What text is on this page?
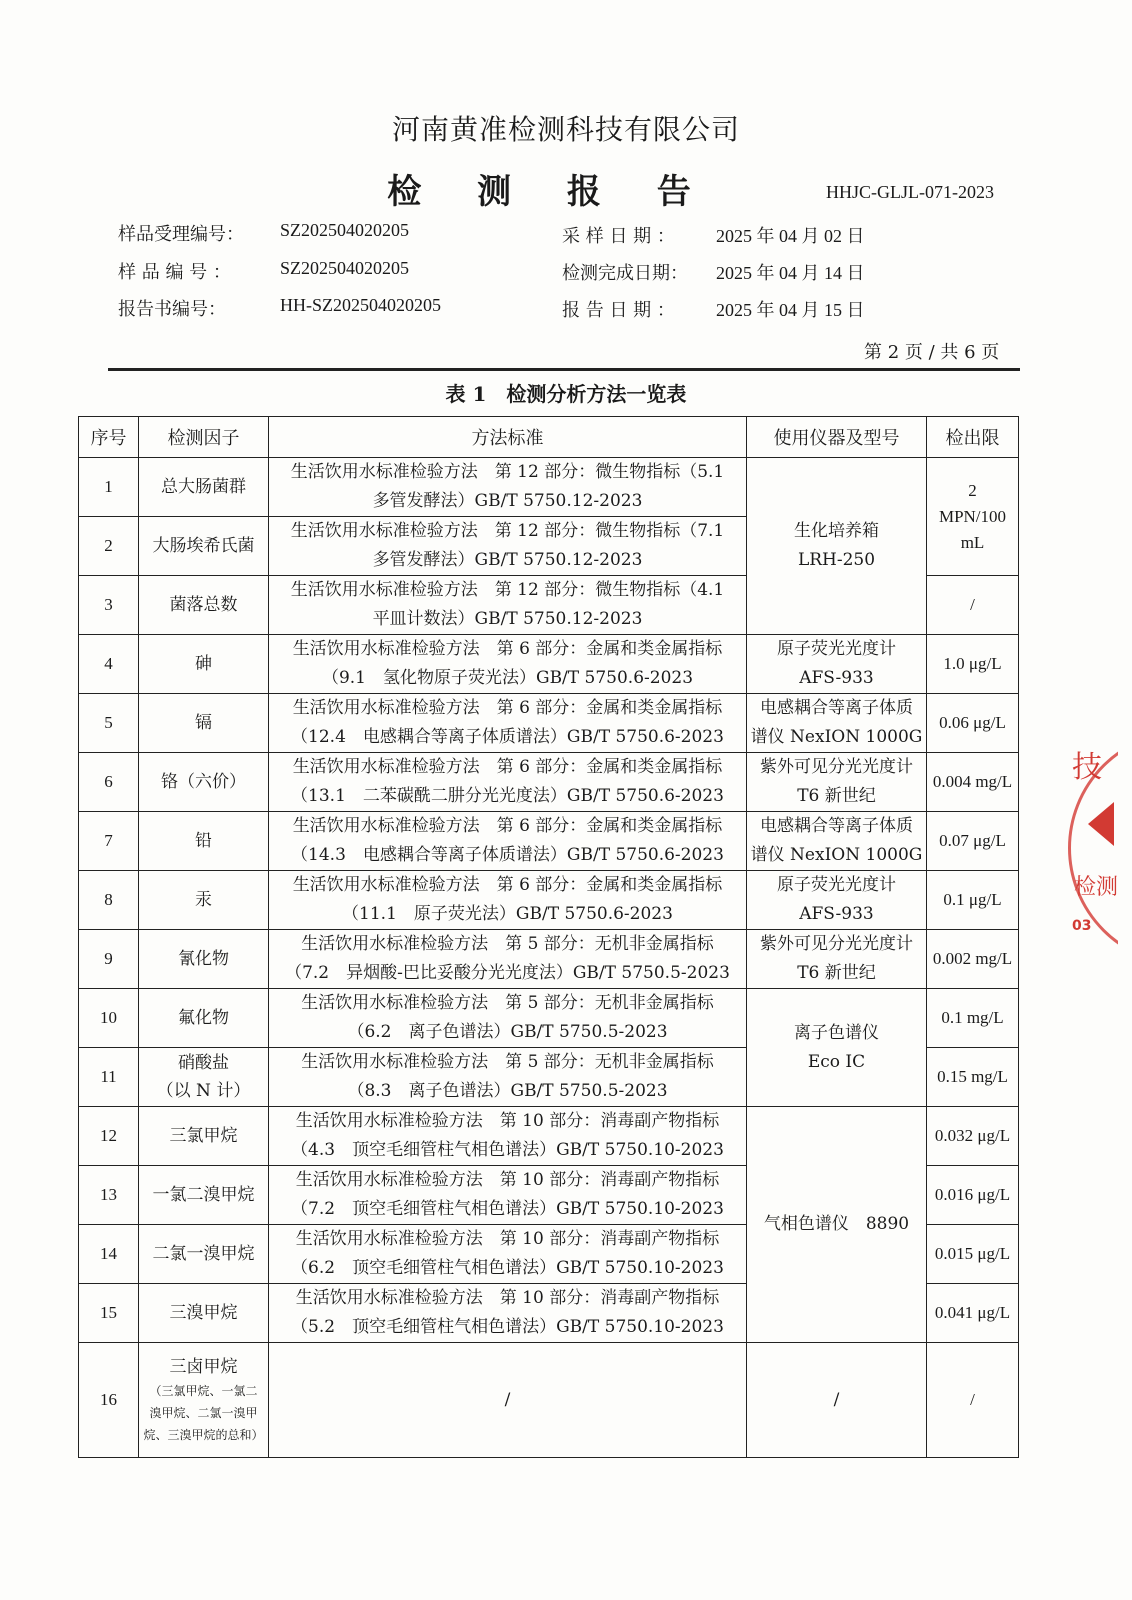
河南黄准检测科技有限公司
检 测 报 告	HHJC-GLJL-071-2023
样品受理编号： SZ202504020205
样 品 编 号 ：	SZ202504020205
报告书编号：	HH-SZ202504020205
采 样 日 期 ： 2025 年 04 月 02 日
检测完成日期： 2025 年 04 月 14 日
报 告 日 期 ： 2025 年 04 月 15 日
第 2 页 / 共 6 页
表 1　检测分析方法一览表
序号	检测因子	方法标准	使用仪器及型号	检出限
1	总大肠菌群	生活饮用水标准检验方法　第 12 部分：微生物指标（5.1
多管发酵法）GB/T 5750.12-2023	生化培养箱
LRH-250	2
MPN/100
mL

2	大肠埃希氏菌	生活饮用水标准检验方法　第 12 部分：微生物指标（7.1
多管发酵法）GB/T 5750.12-2023		

3	菌落总数	生活饮用水标准检验方法　第 12 部分：微生物指标（4.1
平皿计数法）GB/T 5750.12-2023		/
4	砷	生活饮用水标准检验方法　第 6 部分：金属和类金属指标
（9.1　氢化物原子荧光法）GB/T 5750.6-2023	原子荧光光度计
AFS-933	1.0 μg/L
5	镉	生活饮用水标准检验方法　第 6 部分：金属和类金属指标
（12.4　电感耦合等离子体质谱法）GB/T 5750.6-2023	电感耦合等离子体质
谱仪 NexION 1000G	0.06 μg/L
6	铬（六价）	生活饮用水标准检验方法　第 6 部分：金属和类金属指标
（13.1　二苯碳酰二肼分光光度法）GB/T 5750.6-2023	紫外可见分光光度计
T6 新世纪	0.004 mg/L
7	铅	生活饮用水标准检验方法　第 6 部分：金属和类金属指标
（14.3　电感耦合等离子体质谱法）GB/T 5750.6-2023	电感耦合等离子体质
谱仪 NexION 1000G	0.07 μg/L
8	汞	生活饮用水标准检验方法　第 6 部分：金属和类金属指标
（11.1　原子荧光法）GB/T 5750.6-2023	原子荧光光度计
AFS-933	0.1 μg/L
9	氰化物	生活饮用水标准检验方法　第 5 部分：无机非金属指标
（7.2　异烟酸-巴比妥酸分光光度法）GB/T 5750.5-2023	紫外可见分光光度计
T6 新世纪	0.002 mg/L
10	氟化物	生活饮用水标准检验方法　第 5 部分：无机非金属指标
（6.2　离子色谱法）GB/T 5750.5-2023	离子色谱仪
Eco IC	0.1 mg/L
11	硝酸盐
（以 N 计）	生活饮用水标准检验方法　第 5 部分：无机非金属指标
（8.3　离子色谱法）GB/T 5750.5-2023		0.15 mg/L
12	三氯甲烷	生活饮用水标准检验方法　第 10 部分：消毒副产物指标
（4.3　顶空毛细管柱气相色谱法）GB/T 5750.10-2023	气相色谱仪　8890	0.032 μg/L
13	一氯二溴甲烷	生活饮用水标准检验方法　第 10 部分：消毒副产物指标
（7.2　顶空毛细管柱气相色谱法）GB/T 5750.10-2023		0.016 μg/L
14	二氯一溴甲烷	生活饮用水标准检验方法　第 10 部分：消毒副产物指标
（6.2　顶空毛细管柱气相色谱法）GB/T 5750.10-2023		0.015 μg/L
15	三溴甲烷	生活饮用水标准检验方法　第 10 部分：消毒副产物指标
（5.2　顶空毛细管柱气相色谱法）GB/T 5750.10-2023		0.041 μg/L
16	三卤甲烷
（三氯甲烷、一氯二
溴甲烷、二氯一溴甲
烷、三溴甲烷的总和）	/	/	/
技
检测
03
